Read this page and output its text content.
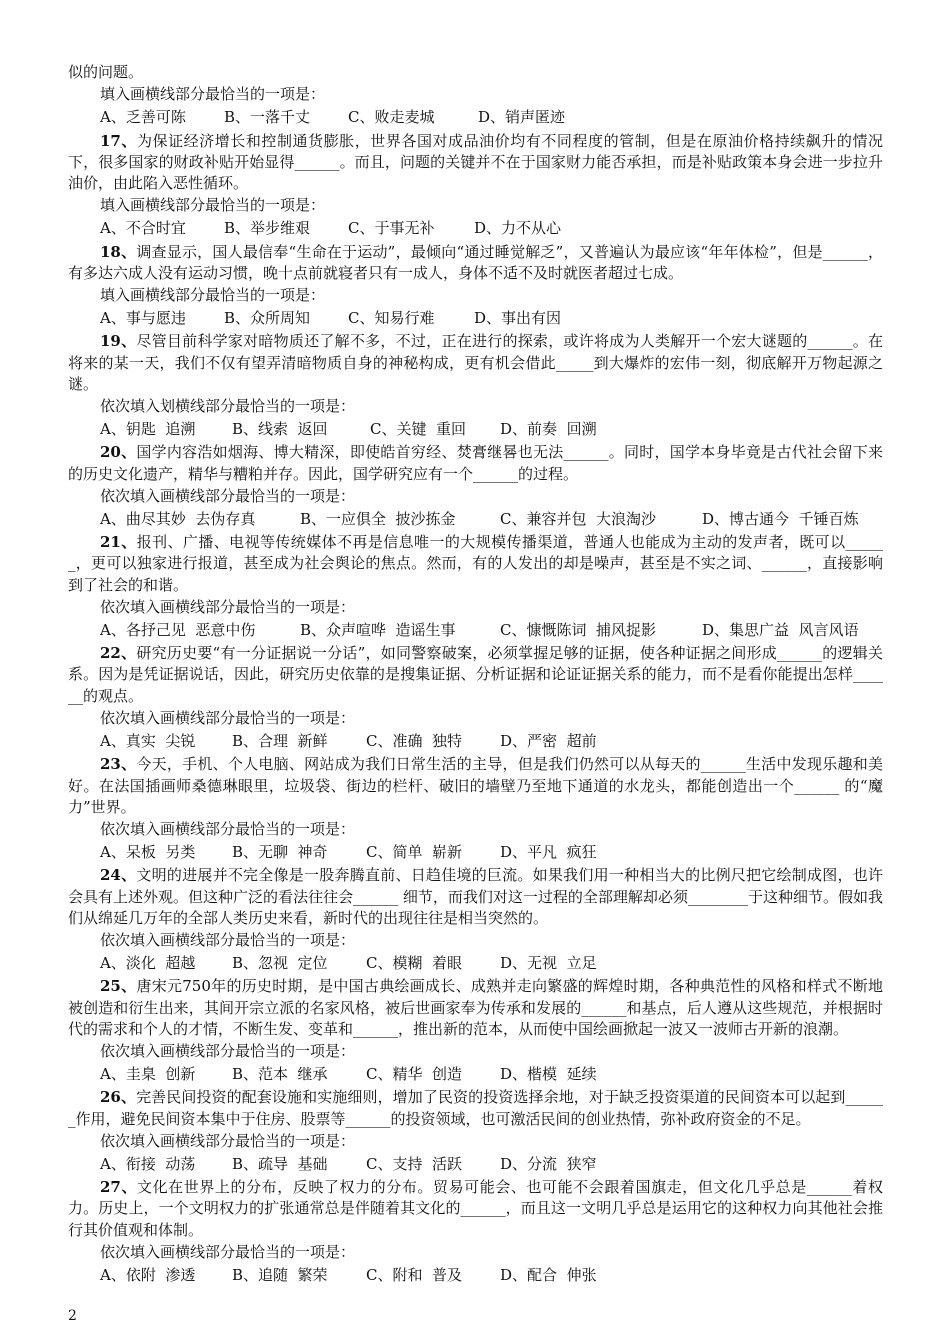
似的问题。

填入画横线部分最恰当的一项是：
A、乏善可陈	B、一落千丈	C、败走麦城	D、销声匿迹

17、为保证经济增长和控制通货膨胀，世界各国对成品油价均有不同程度的管制，但是在原油价格持续飙升的情况下，很多国家的财政补贴开始显得______。而且，问题的关键并不在于国家财力能否承担，而是补贴政策本身会进一步拉升油价，由此陷入恶性循环。

填入画横线部分最恰当的一项是：
A、不合时宜	B、举步维艰	C、于事无补	D、力不从心

18、调查显示，国人最信奉“生命在于运动”，最倾向“通过睡觉解乏”，又普遍认为最应该“年年体检”，但是______，有多达六成人没有运动习惯，晚十点前就寝者只有一成人，身体不适不及时就医者超过七成。

填入画横线部分最恰当的一项是：
A、事与愿违	B、众所周知	C、知易行难	D、事出有因

19、尽管目前科学家对暗物质还了解不多，不过，正在进行的探索，或许将成为人类解开一个宏大谜题的______。在将来的某一天，我们不仅有望弄清暗物质自身的神秘构成，更有机会借此_____到大爆炸的宏伟一刻，彻底解开万物起源之谜。

依次填入划横线部分最恰当的一项是：
A、钥匙  追溯	B、线索  返回	C、关键  重回	D、前奏  回溯

20、国学内容浩如烟海、博大精深，即使皓首穷经、焚膏继晷也无法______。同时，国学本身毕竟是古代社会留下来的历史文化遗产，精华与糟粕并存。因此，国学研究应有一个______的过程。

依次填入画横线部分最恰当的一项是：
A、曲尽其妙  去伪存真	B、一应俱全  披沙拣金	C、兼容并包  大浪淘沙	D、博古通今  千锤百炼

21、报刊、广播、电视等传统媒体不再是信息唯一的大规模传播渠道，普通人也能成为主动的发声者，既可以______，更可以独家进行报道，甚至成为社会舆论的焦点。然而，有的人发出的却是噪声，甚至是不实之词、______，直接影响到了社会的和谐。

依次填入画横线部分最恰当的一项是：
A、各抒己见  恶意中伤	B、众声喧哗  造谣生事	C、慷慨陈词  捕风捉影	D、集思广益  风言风语

22、研究历史要“有一分证据说一分话”，如同警察破案，必须掌握足够的证据，使各种证据之间形成______的逻辑关系。因为是凭证据说话，因此，研究历史依靠的是搜集证据、分析证据和论证证据关系的能力，而不是看你能提出怎样______的观点。

依次填入画横线部分最恰当的一项是：
A、真实  尖锐	B、合理  新鲜	C、准确  独特	D、严密  超前

23、今天，手机、个人电脑、网站成为我们日常生活的主导，但是我们仍然可以从每天的______生活中发现乐趣和美好。在法国插画师桑德琳眼里，垃圾袋、街边的栏杆、破旧的墙壁乃至地下通道的水龙头，都能创造出一个______ 的“魔力”世界。

依次填入画横线部分最恰当的一项是：
A、呆板  另类	B、无聊  神奇	C、简单  崭新	D、平凡  疯狂

24、文明的进展并不完全像是一股奔腾直前、日趋佳境的巨流。如果我们用一种相当大的比例尺把它绘制成图，也许会具有上述外观。但这种广泛的看法往往会______ 细节，而我们对这一过程的全部理解却必须________于这种细节。假如我们从绵延几万年的全部人类历史来看，新时代的出现往往是相当突然的。

依次填入画横线部分最恰当的一项是：
A、淡化  超越	B、忽视  定位	C、模糊  着眼	D、无视  立足

25、唐宋元750年的历史时期，是中国古典绘画成长、成熟并走向繁盛的辉煌时期，各种典范性的风格和样式不断地被创造和衍生出来，其间开宗立派的名家风格，被后世画家奉为传承和发展的______和基点，后人遵从这些规范，并根据时代的需求和个人的才情，不断生发、变革和______，推出新的范本，从而使中国绘画掀起一波又一波师古开新的浪潮。

依次填入画横线部分最恰当的一项是：
A、圭臬  创新	B、范本  继承	C、精华  创造	D、楷模  延续

26、完善民间投资的配套设施和实施细则，增加了民资的投资选择余地，对于缺乏投资渠道的民间资本可以起到______作用，避免民间资本集中于住房、股票等______的投资领域，也可激活民间的创业热情，弥补政府资金的不足。

依次填入画横线部分最恰当的一项是：
A、衔接  动荡	B、疏导  基础	C、支持  活跃	D、分流  狭窄

27、文化在世界上的分布，反映了权力的分布。贸易可能会、也可能不会跟着国旗走，但文化几乎总是______着权力。历史上，一个文明权力的扩张通常总是伴随着其文化的______，而且这一文明几乎总是运用它的这种权力向其他社会推行其价值观和体制。

依次填入画横线部分最恰当的一项是：
A、依附  渗透	B、追随  繁荣	C、附和  普及	D、配合  伸张
2
